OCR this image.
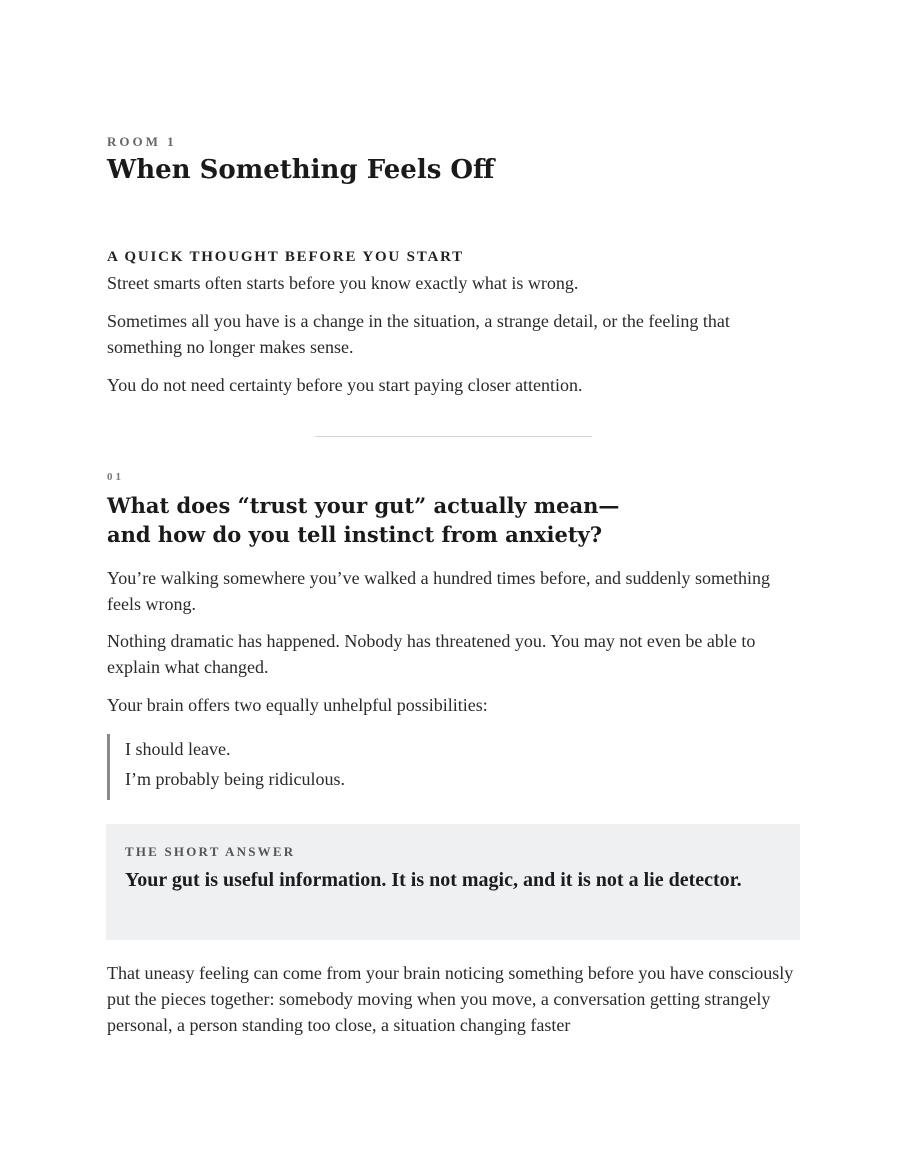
ROOM 1
When Something Feels Off
A QUICK THOUGHT BEFORE YOU START

Street smarts often starts before you know exactly what is wrong.

Sometimes all you have is a change in the situation, a strange detail, or the feeling that something no longer makes sense.

You do not need certainty before you start paying closer attention.

01
What does “trust your gut” actually mean—
and how do you tell instinct from anxiety?

You’re walking somewhere you’ve walked a hundred times before, and suddenly something feels wrong.

Nothing dramatic has happened. Nobody has threatened you. You may not even be able to explain what changed.

Your brain offers two equally unhelpful possibilities:

I should leave.
I’m probably being ridiculous.
THE SHORT ANSWER
Your gut is useful information. It is not magic, and it is not a lie detector.

That uneasy feeling can come from your brain noticing something before you have consciously put the pieces together: somebody moving when you move, a conversation getting strangely personal, a person standing too close, a situation changing faster
